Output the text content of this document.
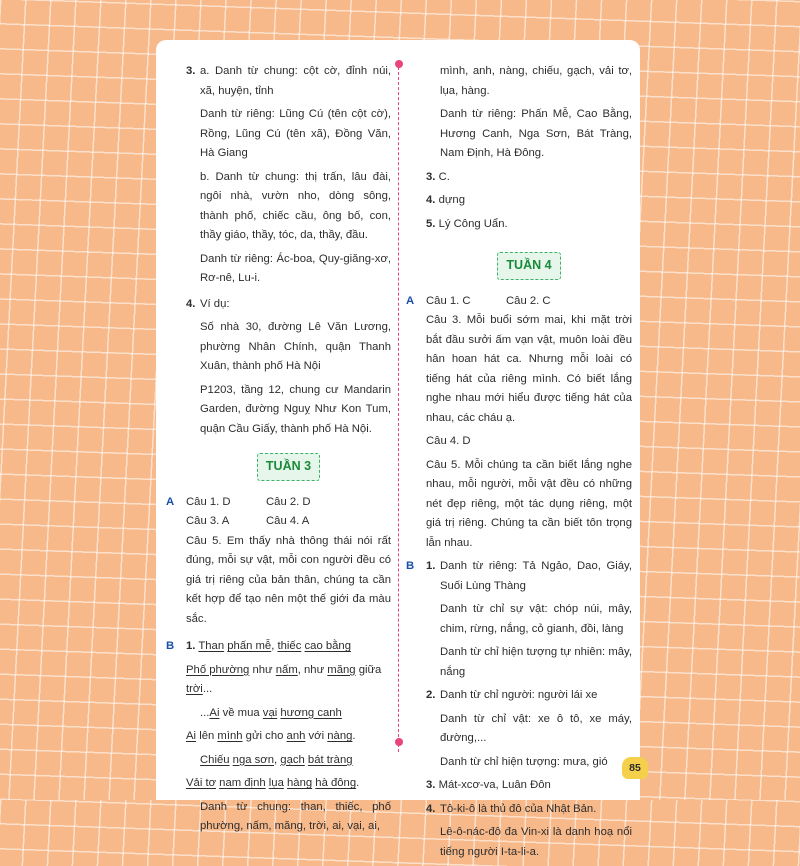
3. a. Danh từ chung: cột cờ, đỉnh núi, xã, huyện, tỉnh
Danh từ riêng: Lũng Cú (tên cột cờ), Rồng, Lũng Cú (tên xã), Đồng Văn, Hà Giang
b. Danh từ chung: thị trấn, lâu đài, ngôi nhà, vườn nho, dòng sông, thành phố, chiếc cầu, ông bố, con, thầy giáo, thầy, tóc, da, thầy, đầu.
Danh từ riêng: Ác-boa, Quy-giăng-xơ, Rơ-nê, Lu-i.
4. Ví dụ:
Số nhà 30, đường Lê Văn Lương, phường Nhân Chính, quận Thanh Xuân, thành phố Hà Nội
P1203, tầng 12, chung cư Mandarin Garden, đường Nguỵ Như Kon Tum, quận Cầu Giấy, thành phố Hà Nội.
TUẦN 3
A Câu 1. D	Câu 2. D
Câu 3. A	Câu 4. A
Câu 5. Em thấy nhà thông thái nói rất đúng, mỗi sự vật, mỗi con người đều có giá trị riêng của bản thân, chúng ta cần kết hợp để tạo nên một thế giới đa màu sắc.
B 1. Than phấn mễ, thiếc cao bằng
Phố phường như nấm, như măng giữa
trời...
...Ai về mua vại hương canh
Ai lên mình gửi cho anh với nàng.
Chiếu nga sơn, gạch bát tràng
Vải tơ nam định lụa hàng hà đông.
Danh từ chung: than, thiếc, phố phường, nấm, măng, trời, ai, vại, ai,
mình, anh, nàng, chiếu, gạch, vải tơ, lụa, hàng.
Danh từ riêng: Phấn Mễ, Cao Bằng, Hương Canh, Nga Sơn, Bát Tràng, Nam Định, Hà Đông.
3. C.
4. dựng
5. Lý Công Uẩn.
TUẦN 4
A Câu 1. C	Câu 2. C
Câu 3. Mỗi buổi sớm mai, khi mặt trời bắt đầu sưởi ấm vạn vật, muôn loài đều hân hoan hát ca. Nhưng mỗi loài có tiếng hát của riêng mình. Có biết lắng nghe nhau mới hiểu được tiếng hát của nhau, các cháu ạ.
Câu 4. D
Câu 5. Mỗi chúng ta cần biết lắng nghe nhau, mỗi người, mỗi vật đều có những nét đẹp riêng, một tác dụng riêng, một giá trị riêng. Chúng ta cần biết tôn trọng lẫn nhau.
B 1. Danh từ riêng: Tả Ngảo, Dao, Giáy, Suối Lùng Thàng
Danh từ chỉ sự vật: chóp núi, mây, chim, rừng, nắng, cỏ gianh, đồi, làng
Danh từ chỉ hiện tượng tự nhiên: mây, nắng
2. Danh từ chỉ người: người lái xe
Danh từ chỉ vật: xe ô tô, xe máy, đường,...
Danh từ chỉ hiện tượng: mưa, gió
3. Mát-xcơ-va, Luân Đôn
4. Tô-ki-ô là thủ đô của Nhật Bản.
Lê-ô-nác-đô đa Vin-xi là danh hoạ nổi tiếng người I-ta-li-a.
85
